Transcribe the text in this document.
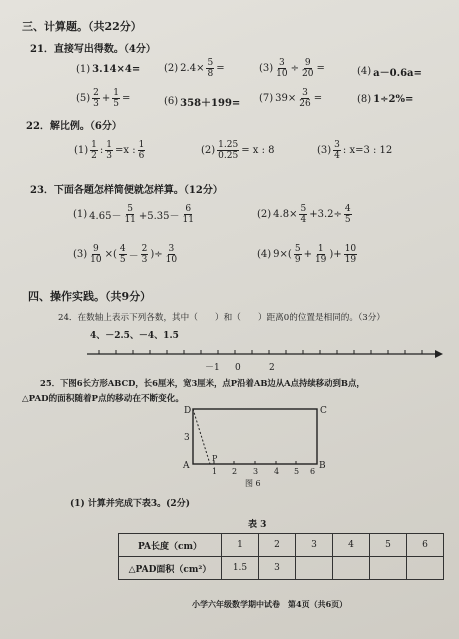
三、计算题。（共22分）
21．直接写出得数。（4分）
(1) 3.14×4= (2) $2.4\times \frac{5}{8}$ =	$(3) \frac{3}{10} \div \frac{9}{20}$ =	(4) a－0.6a=
$(5) \frac{2}{3} + \frac{1}{5}$ =	(6) 358＋199= (7) $39\times \frac{3}{26}$ =	(8) 1÷2%=
22．解比例。（6分）
$(1) \frac{1}{2}$ : $\frac{1}{3} =x$ : $\frac{1}{6}$	$(2) \frac{1.25}{0.25} = x$ : 8	$(3) \frac{3}{4}$ : x=3 : 12
23．下面各题怎样简便就怎样算。（12分）
(1) $4.65- \frac{5}{11} +5.35- \frac{6}{11}$	(2) $4.8\times \frac{5}{4} +3.2\div \frac{4}{5}$
$(3) \frac{9}{10}$ ×( $\frac{4}{5} - \frac{2}{3}$ )÷ $\frac{3}{10}$	(4) $9\times( \frac{5}{9} + \frac{1}{19}$ )+ $\frac{10}{19}$
四、操作实践。（共9分）
24．在数轴上表示下列各数，其中（　　）和（　　）距离0的位置是相同的。（3分）
4、－2.5、－4、1.5
－1 0	2
25．下图6长方形ABCD，长6厘米，宽3厘米，点P沿着AB边从A点持续移动到B点，
△PAD的面积随着P点的移动在不断变化。
D	C
A	B
P
3
1 2 3 4 5 6
图 6
(1) 计算并完成下表3。(2分)
表 3
PA长度（cm）	1	2	3	4	5	6
△PAD面积（cm²）	1.5	3				
小学六年级数学期中试卷　第4页（共6页）
